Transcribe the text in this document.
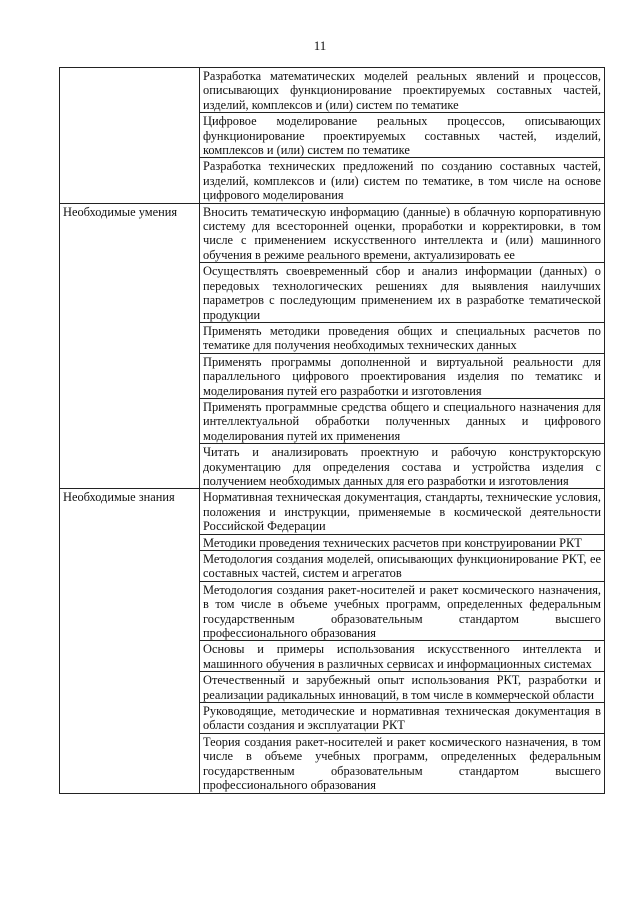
11
	Разработка математических моделей реальных явлений и процессов, описывающих функционирование проектируемых составных частей, изделий, комплексов и (или) систем по тематике
	Цифровое моделирование реальных процессов, описывающих функционирование проектируемых составных частей, изделий, комплексов и (или) систем по тематике
	Разработка технических предложений по созданию составных частей, изделий, комплексов и (или) систем по тематике, в том числе на основе цифрового моделирования
Необходимые умения	Вносить тематическую информацию (данные) в облачную корпоративную систему для всесторонней оценки, проработки и корректировки, в том числе с применением искусственного интеллекта и (или) машинного обучения в режиме реального времени, актуализировать ее
	Осуществлять своевременный сбор и анализ информации (данных) о передовых технологических решениях для выявления наилучших параметров с последующим применением их в разработке тематической продукции
	Применять методики проведения общих и специальных расчетов по тематике для получения необходимых технических данных
	Применять программы дополненной и виртуальной реальности для параллельного цифрового проектирования изделия по тематикс и моделирования путей его разработки и изготовления
	Применять программные средства общего и специального назначения для интеллектуальной обработки полученных данных и цифрового моделирования путей их применения
	Читать и анализировать проектную и рабочую конструкторскую документацию для определения состава и устройства изделия с получением необходимых данных для его разработки и изготовления
Необходимые знания	Нормативная техническая документация, стандарты, технические условия, положения и инструкции, применяемые в космической деятельности Российской Федерации
	Методики проведения технических расчетов при конструировании РКТ
	Методология создания моделей, описывающих функционирование РКТ, ее составных частей, систем и агрегатов
	Методология создания ракет-носителей и ракет космического назначения, в том числе в объеме учебных программ, определенных федеральным государственным образовательным стандартом высшего профессионального образования
	Основы и примеры использования искусственного интеллекта и машинного обучения в различных сервисах и информационных системах
	Отечественный и зарубежный опыт использования РКТ, разработки и реализации радикальных инноваций, в том числе в коммерческой области
	Руководящие, методические и нормативная техническая документация в области создания и эксплуатации РКТ
	Теория создания ракет-носителей и ракет космического назначения, в том числе в объеме учебных программ, определенных федеральным государственным образовательным стандартом высшего профессионального образования
